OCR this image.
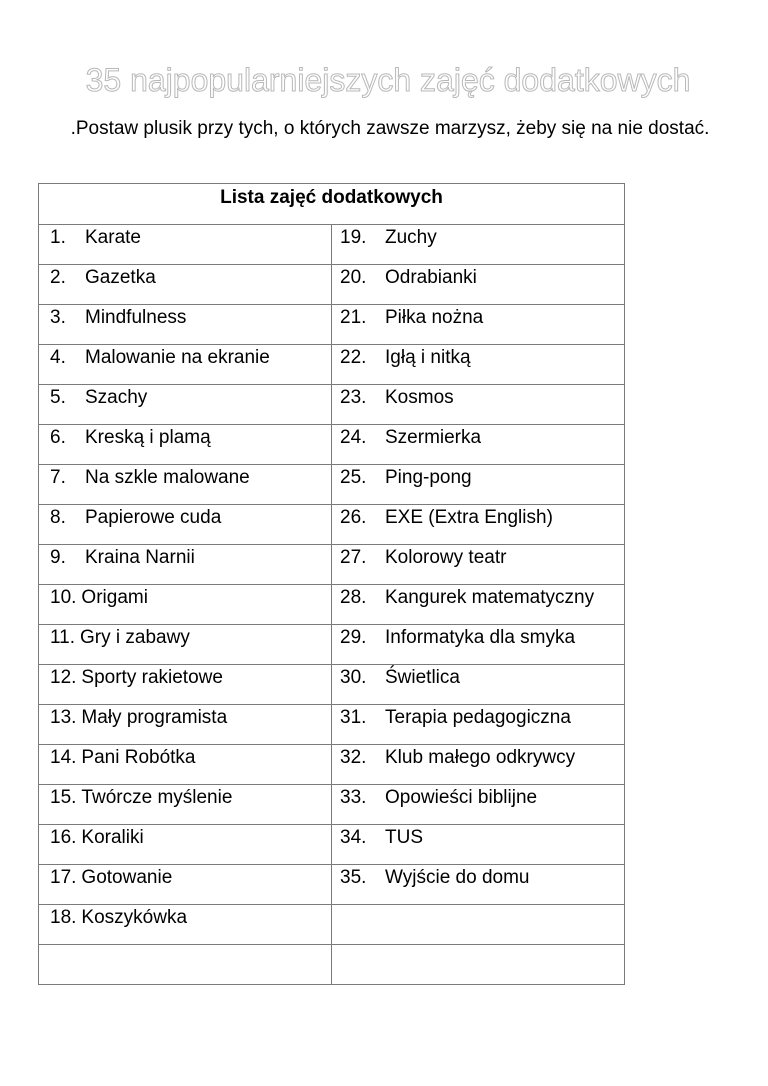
35 najpopularniejszych zajęć dodatkowych
.Postaw plusik przy tych, o których zawsze marzysz, żeby się na nie dostać.
Lista zajęć dodatkowych	

1. Karate	19. Zuchy

2. Gazetka	20. Odrabianki

3. Mindfulness	21. Piłka nożna

4. Malowanie na ekranie	22. Igłą i nitką

5. Szachy	23. Kosmos

6. Kreską i plamą	24. Szermierka

7. Na szkle malowane	25. Ping-pong

8. Papierowe cuda	26. EXE (Extra English)

9. Kraina Narnii	27. Kolorowy teatr

10. Origami	28. Kangurek matematyczny

11. Gry i zabawy	29. Informatyka dla smyka

12. Sporty rakietowe	30. Świetlica

13. Mały programista	31. Terapia pedagogiczna

14. Pani Robótka	32. Klub małego odkrywcy

15. Twórcze myślenie	33. Opowieści biblijne

16. Koraliki	34. TUS

17. Gotowanie	35. Wyjście do domu

18. Koszykówka	
